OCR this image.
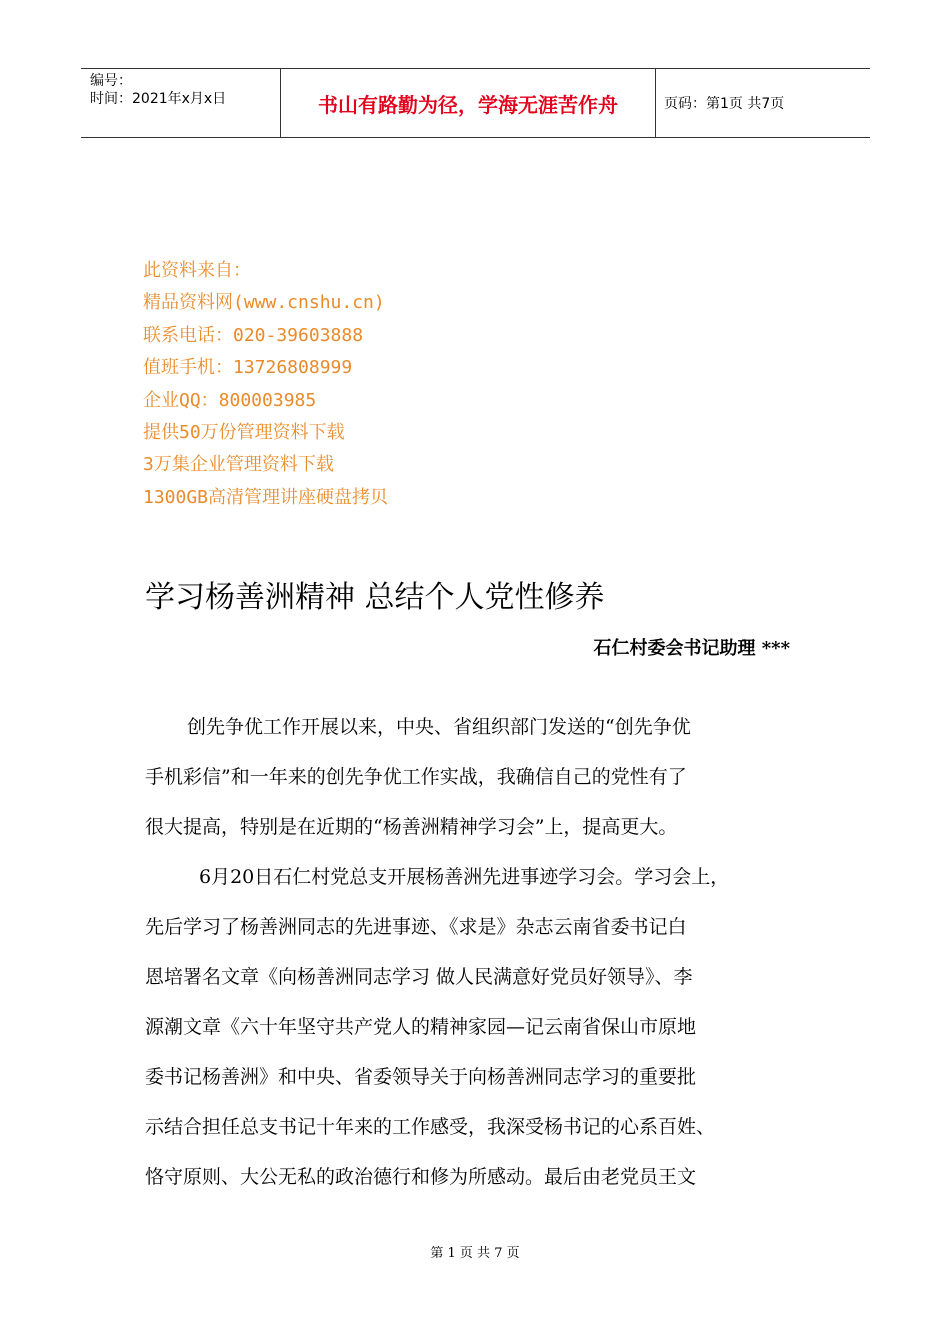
编号：
时间：2021年x月x日	书山有路勤为径，学海无涯苦作舟	页码：第1页 共7页
此资料来自：
精品资料网(www.cnshu.cn)
联系电话：020-39603888
值班手机：13726808999
企业QQ：800003985
提供50万份管理资料下载
3万集企业管理资料下载
1300GB高清管理讲座硬盘拷贝
学习杨善洲精神 总结个人党性修养
石仁村委会书记助理 ***
创先争优工作开展以来，中央、省组织部门发送的“创先争优
手机彩信”和一年来的创先争优工作实战，我确信自己的党性有了
很大提高，特别是在近期的“杨善洲精神学习会”上，提高更大。
6月20日石仁村党总支开展杨善洲先进事迹学习会。学习会上，
先后学习了杨善洲同志的先进事迹、《求是》杂志云南省委书记白
恩培署名文章《向杨善洲同志学习 做人民满意好党员好领导》、李
源潮文章《六十年坚守共产党人的精神家园—记云南省保山市原地
委书记杨善洲》和中央、省委领导关于向杨善洲同志学习的重要批
示结合担任总支书记十年来的工作感受，我深受杨书记的心系百姓、
恪守原则、大公无私的政治德行和修为所感动。最后由老党员王文
第 1 页 共 7 页
